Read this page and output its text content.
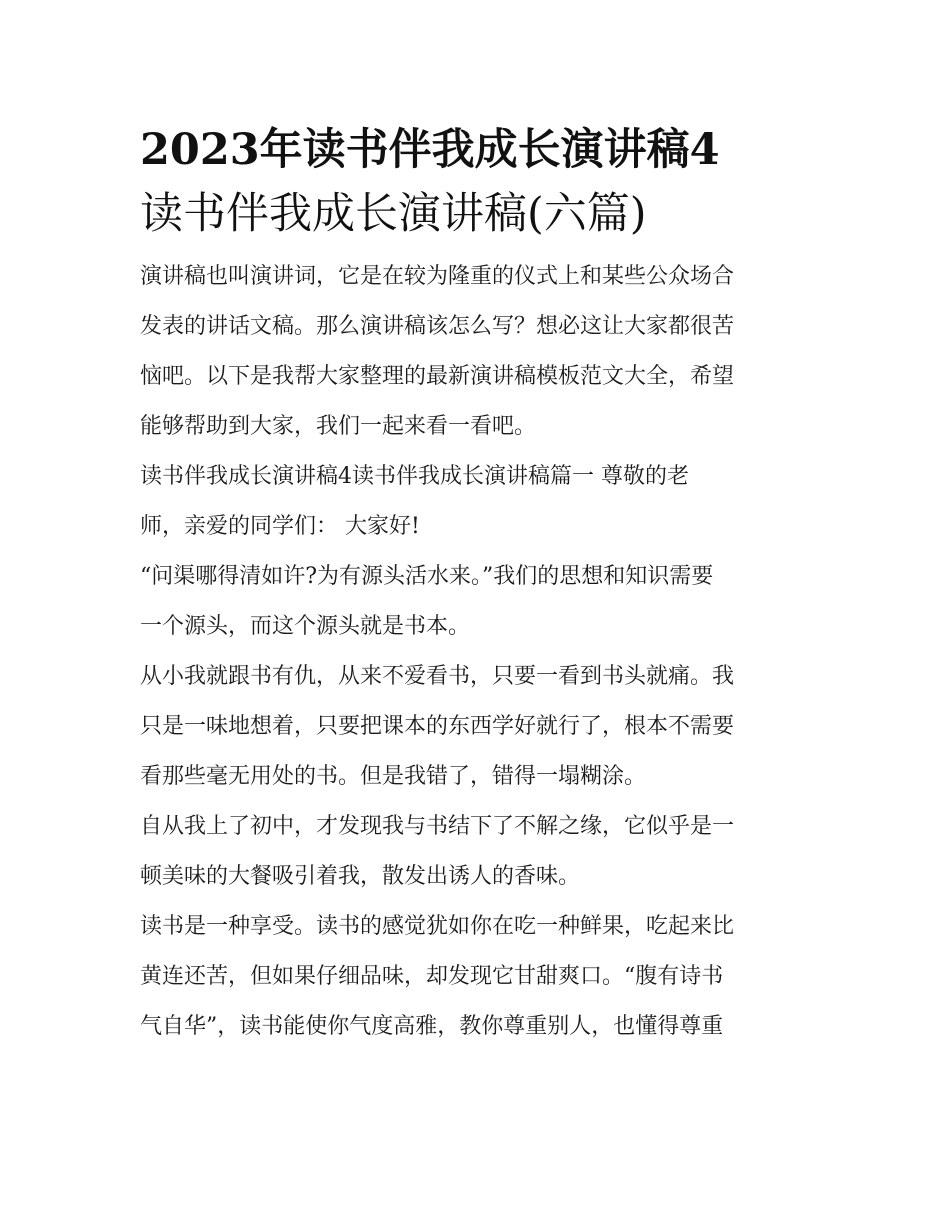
2023年读书伴我成长演讲稿4
读书伴我成长演讲稿(六篇)

演讲稿也叫演讲词，它是在较为隆重的仪式上和某些公众场合
发表的讲话文稿。那么演讲稿该怎么写？想必这让大家都很苦
恼吧。以下是我帮大家整理的最新演讲稿模板范文大全，希望
能够帮助到大家，我们一起来看一看吧。

读书伴我成长演讲稿4读书伴我成长演讲稿篇一 尊敬的老
师，亲爱的同学们： 大家好!

“问渠哪得清如许?为有源头活水来。”我们的思想和知识需要
一个源头，而这个源头就是书本。

从小我就跟书有仇，从来不爱看书，只要一看到书头就痛。我
只是一味地想着，只要把课本的东西学好就行了，根本不需要
看那些毫无用处的书。但是我错了，错得一塌糊涂。

自从我上了初中，才发现我与书结下了不解之缘，它似乎是一
顿美味的大餐吸引着我，散发出诱人的香味。

读书是一种享受。读书的感觉犹如你在吃一种鲜果，吃起来比
黄连还苦，但如果仔细品味，却发现它甘甜爽口。“腹有诗书
气自华”，读书能使你气度高雅，教你尊重别人，也懂得尊重
